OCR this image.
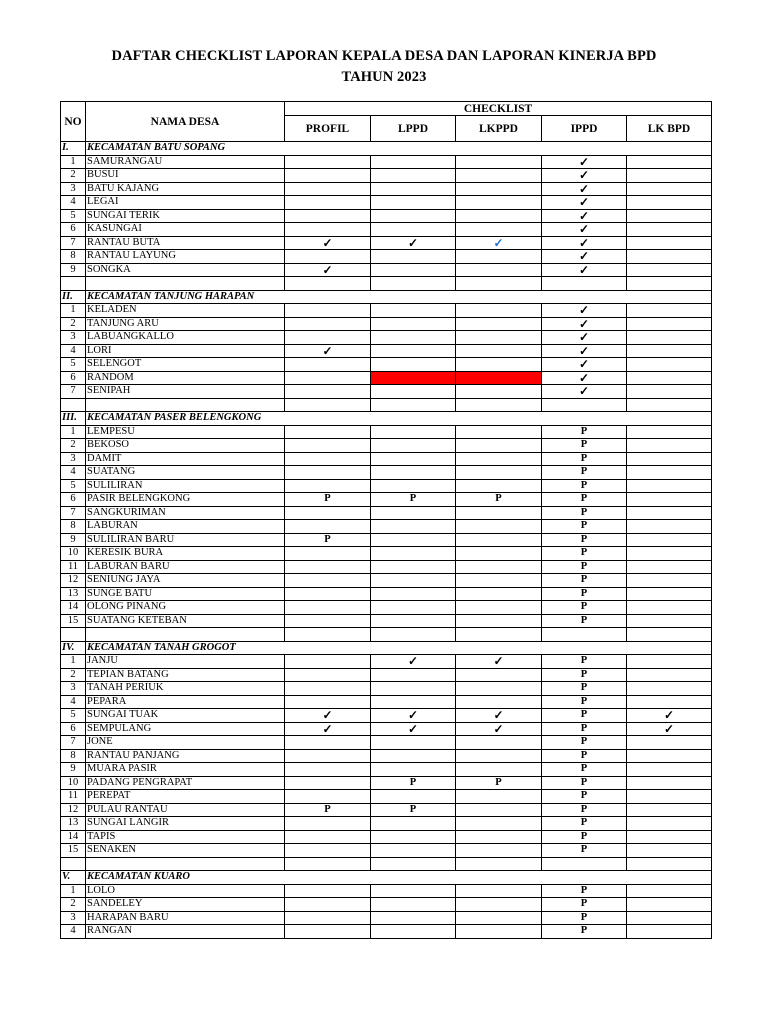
DAFTAR CHECKLIST LAPORAN KEPALA DESA DAN LAPORAN KINERJA BPD
TAHUN 2023
NO	NAMA DESA	CHECKLIST				
		PROFIL	LPPD	LKPPD	IPPD	LK BPD
I.	KECAMATAN BATU SOPANG					
1	SAMURANGAU				✓	
2	BUSUI				✓	
3	BATU KAJANG				✓	
4	LEGAI				✓	
5	SUNGAI TERIK				✓	
6	KASUNGAI				✓	
7	RANTAU BUTA	✓	✓	✓	✓	
8	RANTAU LAYUNG				✓	
9	SONGKA	✓			✓	

II.	KECAMATAN TANJUNG HARAPAN					
1	KELADEN				✓	
2	TANJUNG ARU				✓	
3	LABUANGKALLO				✓	
4	LORI	✓			✓	
5	SELENGOT				✓	
6	RANDOM				✓	
7	SENIPAH				✓	

III.	KECAMATAN PASER BELENGKONG					
1	LEMPESU				P	
2	BEKOSO				P	
3	DAMIT				P	
4	SUATANG				P	
5	SULILIRAN				P	
6	PASIR BELENGKONG	P	P	P	P	
7	SANGKURIMAN				P	
8	LABURAN				P	
9	SULILIRAN BARU	P			P	
10	KERESIK BURA				P	
11	LABURAN BARU				P	
12	SENIUNG JAYA				P	
13	SUNGE BATU				P	
14	OLONG PINANG				P	
15	SUATANG KETEBAN				P	

IV.	KECAMATAN TANAH GROGOT					
1	JANJU		✓	✓	P	
2	TEPIAN BATANG				P	
3	TANAH PERIUK				P	
4	PEPARA				P	
5	SUNGAI TUAK	✓	✓	✓	P	✓
6	SEMPULANG	✓	✓	✓	P	✓
7	JONE				P	
8	RANTAU PANJANG				P	
9	MUARA PASIR				P	
10	PADANG PENGRAPAT		P	P	P	
11	PEREPAT				P	
12	PULAU RANTAU	P	P		P	
13	SUNGAI LANGIR				P	
14	TAPIS				P	
15	SENAKEN				P	

V.	KECAMATAN KUARO					
1	LOLO				P	
2	SANDELEY				P	
3	HARAPAN BARU				P	
4	RANGAN				P	
